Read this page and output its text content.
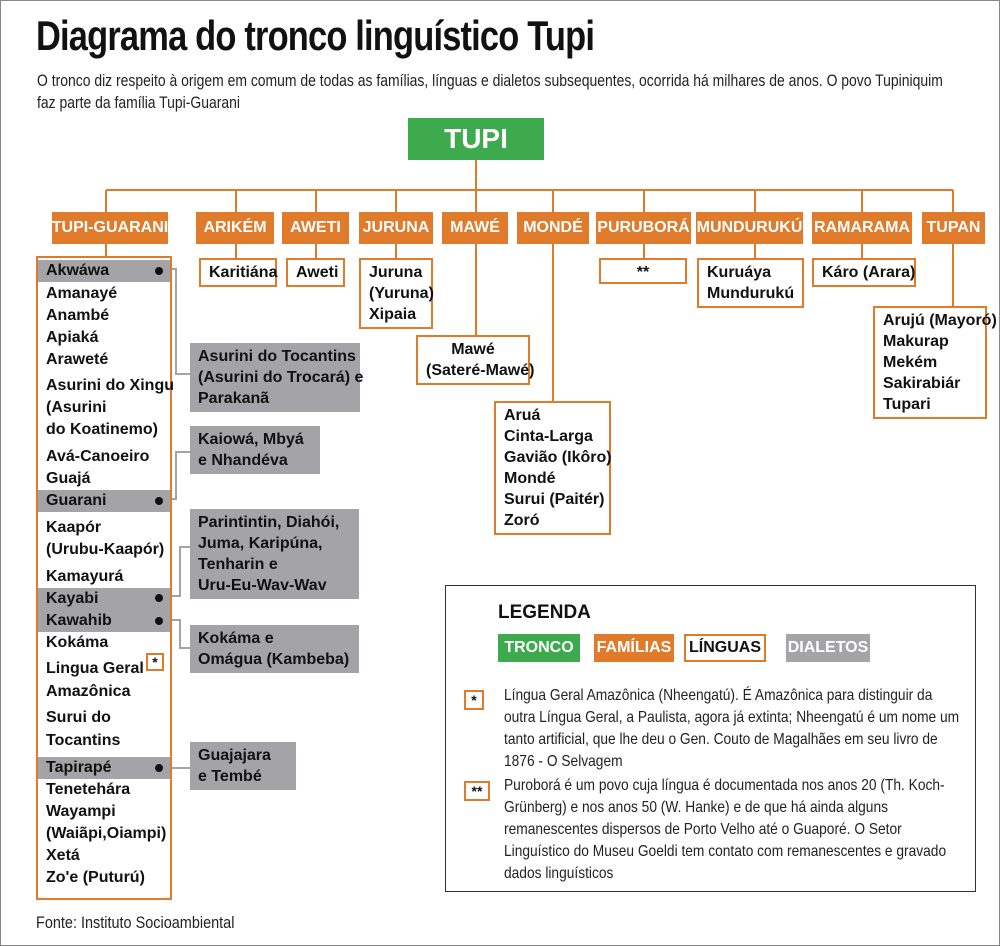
Diagrama do tronco linguístico Tupi
O tronco diz respeito à origem em comum de todas as famílias, línguas e dialetos subsequentes, ocorrida há milhares de anos. O povo Tupiniquim faz parte da família Tupi-Guarani
TUPI
TUPI-GUARANI	ARIKÉM	AWETI	JURUNA	MAWÉ	MONDÉ PURUBORÁ MUNDURUKÚ RAMARAMA TUPAN
Karitiána Aweti Juruna
(Yuruna)
Xipaia
Mawé
(Sateré-Mawé)
Aruá
Cinta-Larga
Gavião (Ikôro)
Mondé
Surui (Paitér)
Zoró
**	Kuruáya
Mundurukú
Káro (Arara)
Arujú (Mayoró)
Makurap
Mekém
Sakirabiár
Tupari
Akwáwa
Amanayé
Anambé
Apiaká
Araweté
Asurini do Xingu
(Asurini
do Koatinemo)
Avá-Canoeiro
Guajá
Guarani
Kaapór
(Urubu-Kaapór)
Kamayurá
Kayabi
Kawahib
Kokáma
Lingua Geral
Amazônica
Surui do
Tocantins
Tapirapé
Tenetehára
Wayampi
(Waiãpi,Oiampi)
Xetá
Zo'e (Puturú)
*
Asurini do Tocantins
(Asurini do Trocará) e
Parakanã
Kaiowá, Mbyá
e Nhandéva
Parintintin, Diahói,
Juma, Karipúna,
Tenharin e
Uru-Eu-Wav-Wav
Kokáma e
Omágua (Kambeba)
Guajajara
e Tembé
LEGENDA
TRONCO	FAMÍLIAS	LÍNGUAS	DIALETOS
*	Língua Geral Amazônica (Nheengatú). É Amazônica para distinguir da outra Língua Geral, a Paulista, agora já extinta; Nheengatú é um nome um tanto artificial, que lhe deu o Gen. Couto de Magalhães em seu livro de 1876 - O Selvagem
**	Puroborá é um povo cuja língua é documentada nos anos 20 (Th. Koch-Grünberg) e nos anos 50 (W. Hanke) e de que há ainda alguns remanescentes dispersos de Porto Velho até o Guaporé. O Setor Linguístico do Museu Goeldi tem contato com remanescentes e gravado dados linguísticos
Fonte: Instituto Socioambiental
